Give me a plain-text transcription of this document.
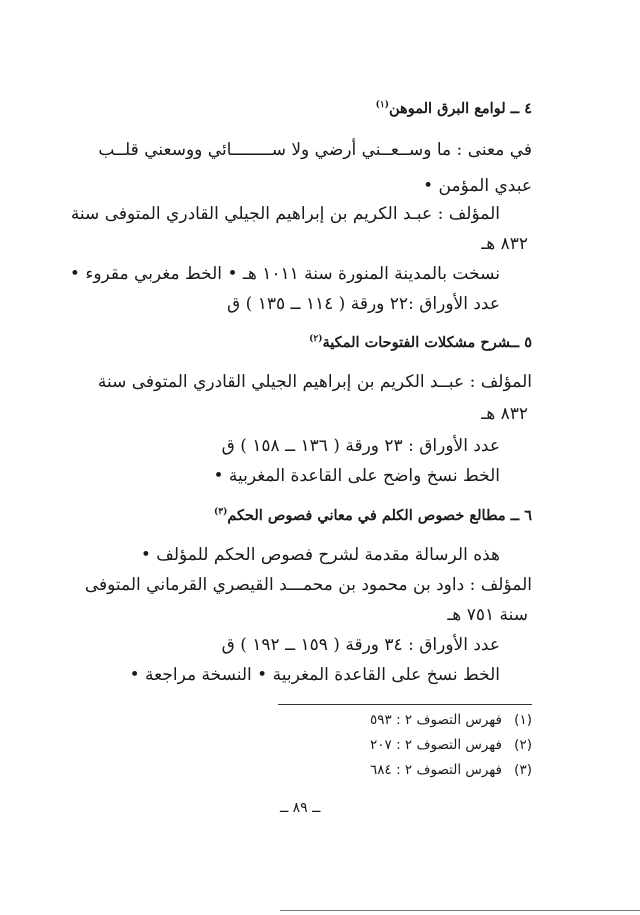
٤ ــ لوامع البرق الموهن$^{(١)}$
في معنى : ما وســعــني أرضي ولا ســــــــائي ووسعني قلــب
عبدي المؤمن •
المؤلف : عبـد الكريم بن إبراهيم الجيلي القادري المتوفى سنة
٨٣٢ هـ
نسخت بالمدينة المنورة سنة ١٠١١ هـ • الخط مغربي مقروء •
عدد الأوراق :٢٢ ورقة ( ١١٤ ــ ١٣٥ ) ق
٥ ــشرح مشكلات الفتوحات المكية$^{(٢)}$
المؤلف : عبــد الكريم بن إبراهيم الجيلي القادري المتوفى سنة
٨٣٢ هـ
عدد الأوراق : ٢٣ ورقة ( ١٣٦ ــ ١٥٨ ) ق
الخط نسخ واضح على القاعدة المغربية •
٦ ــ مطالع خصوص الكلم في معاني فصوص الحكم$^{(٣)}$
هذه الرسالة مقدمة لشرح فصوص الحكم للمؤلف •
المؤلف : داود بن محمود بن محمـــد القيصري القرماني المتوفى
سنة ٧٥١ هـ
عدد الأوراق : ٣٤ ورقة ( ١٥٩ ــ ١٩٢ ) ق
الخط نسخ على القاعدة المغربية • النسخة مراجعة •
(١)فهرس التصوف ٢ : ٥٩٣
(٢)فهرس التصوف ٢ : ٢٠٧
(٣)فهرس التصوف ٢ : ٦٨٤
ــ ٨٩ ــ
